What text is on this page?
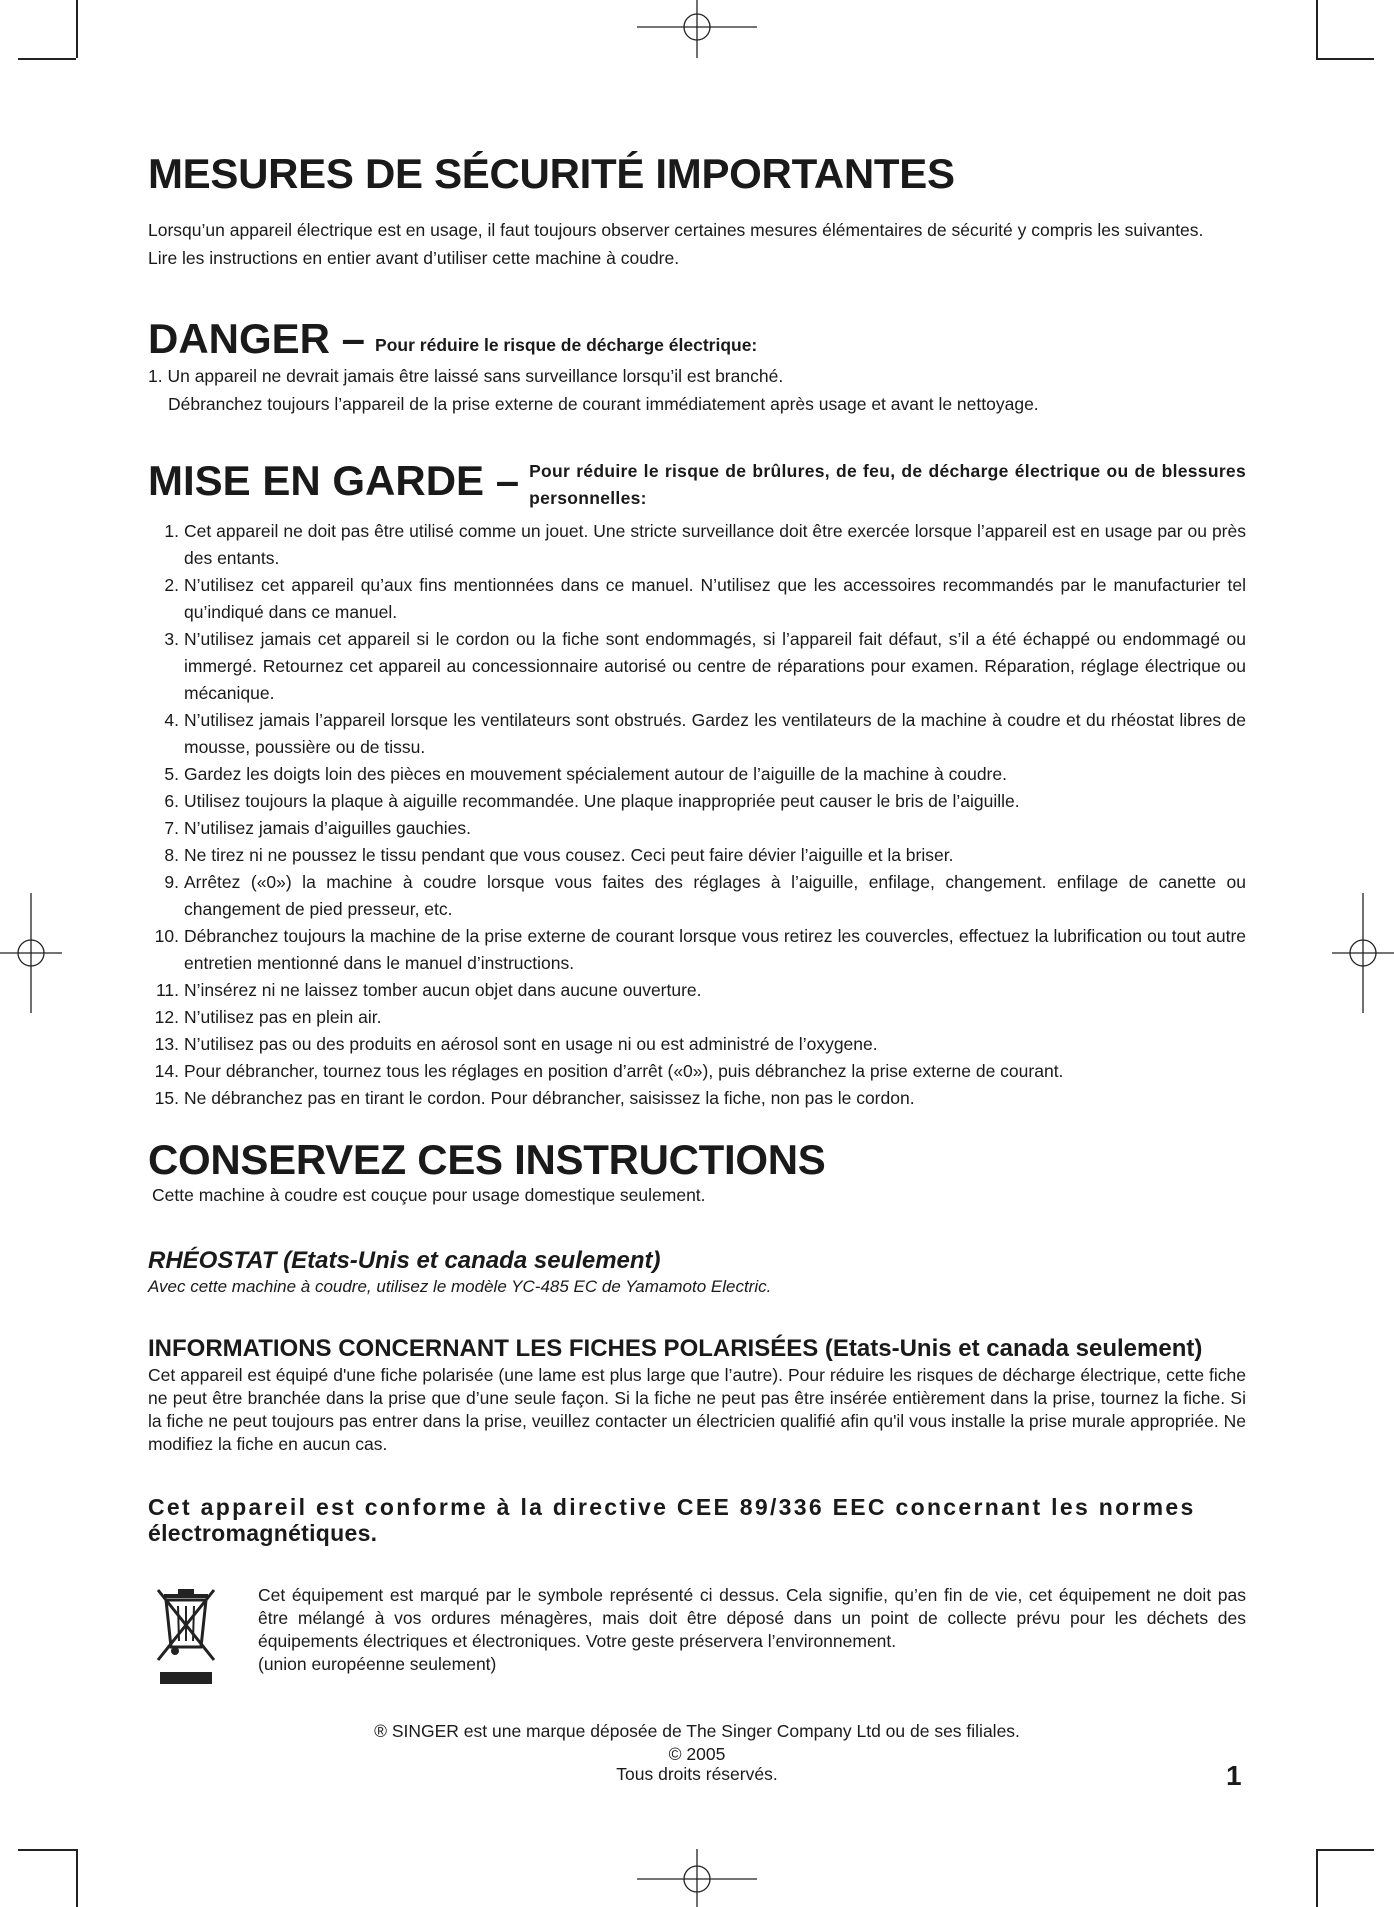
MESURES DE SÉCURITÉ IMPORTANTES

Lorsqu’un appareil électrique est en usage, il faut toujours observer certaines mesures élémentaires de sécurité y compris les suivantes.

Lire les instructions en entier avant d’utiliser cette machine à coudre.

DANGER – Pour réduire le risque de décharge électrique:
1. Un appareil ne devrait jamais être laissé sans surveillance lorsqu’il est branché.
Débranchez toujours l’appareil de la prise externe de courant immédiatement après usage et avant le nettoyage.
MISE EN GARDE – Pour réduire le risque de brûlures, de feu, de décharge électrique ou de blessures personnelles:
1. Cet appareil ne doit pas être utilisé comme un jouet. Une stricte surveillance doit être exercée lorsque l’appareil est en usage par ou près des entants.
2. N’utilisez cet appareil qu’aux fins mentionnées dans ce manuel. N’utilisez que les accessoires recommandés par le manufacturier tel qu’indiqué dans ce manuel.
3. N’utilisez jamais cet appareil si le cordon ou la fiche sont endommagés, si l’appareil fait défaut, s’il a été échappé ou endommagé ou immergé. Retournez cet appareil au concessionnaire autorisé ou centre de réparations pour examen. Réparation, réglage électrique ou mécanique.
4. N’utilisez jamais l’appareil lorsque les ventilateurs sont obstrués. Gardez les ventilateurs de la machine à coudre et du rhéostat libres de mousse, poussière ou de tissu.
5. Gardez les doigts loin des pièces en mouvement spécialement autour de l’aiguille de la machine à coudre.
6. Utilisez toujours la plaque à aiguille recommandée. Une plaque inappropriée peut causer le bris de l’aiguille.
7. N’utilisez jamais d’aiguilles gauchies.
8. Ne tirez ni ne poussez le tissu pendant que vous cousez. Ceci peut faire dévier l’aiguille et la briser.
9. Arrêtez («0») la machine à coudre lorsque vous faites des réglages à l’aiguille, enfilage, changement. enfilage de canette ou changement de pied presseur, etc.
10. Débranchez toujours la machine de la prise externe de courant lorsque vous retirez les couvercles, effectuez la lubrification ou tout autre entretien mentionné dans le manuel d’instructions.
11. N’insérez ni ne laissez tomber aucun objet dans aucune ouverture.
12. N’utilisez pas en plein air.
13. N’utilisez pas ou des produits en aérosol sont en usage ni ou est administré de l’oxygene.
14. Pour débrancher, tournez tous les réglages en position d’arrêt («0»), puis débranchez la prise externe de courant.
15. Ne débranchez pas en tirant le cordon. Pour débrancher, saisissez la fiche, non pas le cordon.
CONSERVEZ CES INSTRUCTIONS
Cette machine à coudre est couçue pour usage domestique seulement.
RHÉOSTAT (Etats-Unis et canada seulement)
Avec cette machine à coudre, utilisez le modèle YC-485 EC de Yamamoto Electric.
INFORMATIONS CONCERNANT LES FICHES POLARISÉES (Etats-Unis et canada seulement)
Cet appareil est équipé d'une fiche polarisée (une lame est plus large que l’autre). Pour réduire les risques de décharge électrique, cette fiche ne peut être branchée dans la prise que d’une seule façon. Si la fiche ne peut pas être insérée entièrement dans la prise, tournez la fiche. Si la fiche ne peut toujours pas entrer dans la prise, veuillez contacter un électricien qualifié afin qu'il vous installe la prise murale appropriée. Ne modifiez la fiche en aucun cas.
Cet appareil est conforme à la directive CEE 89/336 EEC concernant les normes
électromagnétiques.
Cet équipement est marqué par le symbole représenté ci dessus. Cela signifie, qu’en fin de vie, cet équipement ne doit pas être mélangé à vos ordures ménagères, mais doit être déposé dans un point de collecte prévu pour les déchets des équipements électriques et électroniques. Votre geste préservera l’environnement.
(union européenne seulement)
® SINGER est une marque déposée de The Singer Company Ltd ou de ses filiales.
© 2005
Tous droits réservés.	1
